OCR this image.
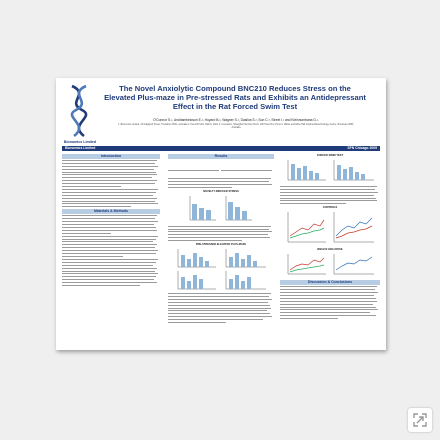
Bionomics Limited
The Novel Anxiolytic Compound BNC210 Reduces Stress on the Elevated Plus-maze in Pre-stressed Rats and Exhibits an Antidepressant Effect in the Rat Forced Swim Test
O'Connor S.¹, Andriambeloson E.², Huyard B.², Wagner S.², Dasilva S.², Sun C.³, Street I.¹ and Kleinnumbana G.¹.
1. Bionomics Limited, 31 Dalgleish Street, Thebarton 5031, Australia 2. Neurofit SAS, Illkirch, Paris 3. Innovation, Shanghai Hanzhen Rsch, 200 Hanz Rd, China 4. Walter and Eliza Hall Institute Biotechnology Centre, Bundoora 3083, Australia
Bionomics Limited	SFN Chicago 2009
Introduction
Materials & Methods
Results
NOVELTY-INDUCED STRESS
PRE-STRESSED ELEVATED PLUS-MAZE
FORCED SWIM TEST
CONTROLS
BNC210 HIGH DOSE
Discussion & Conclusions
